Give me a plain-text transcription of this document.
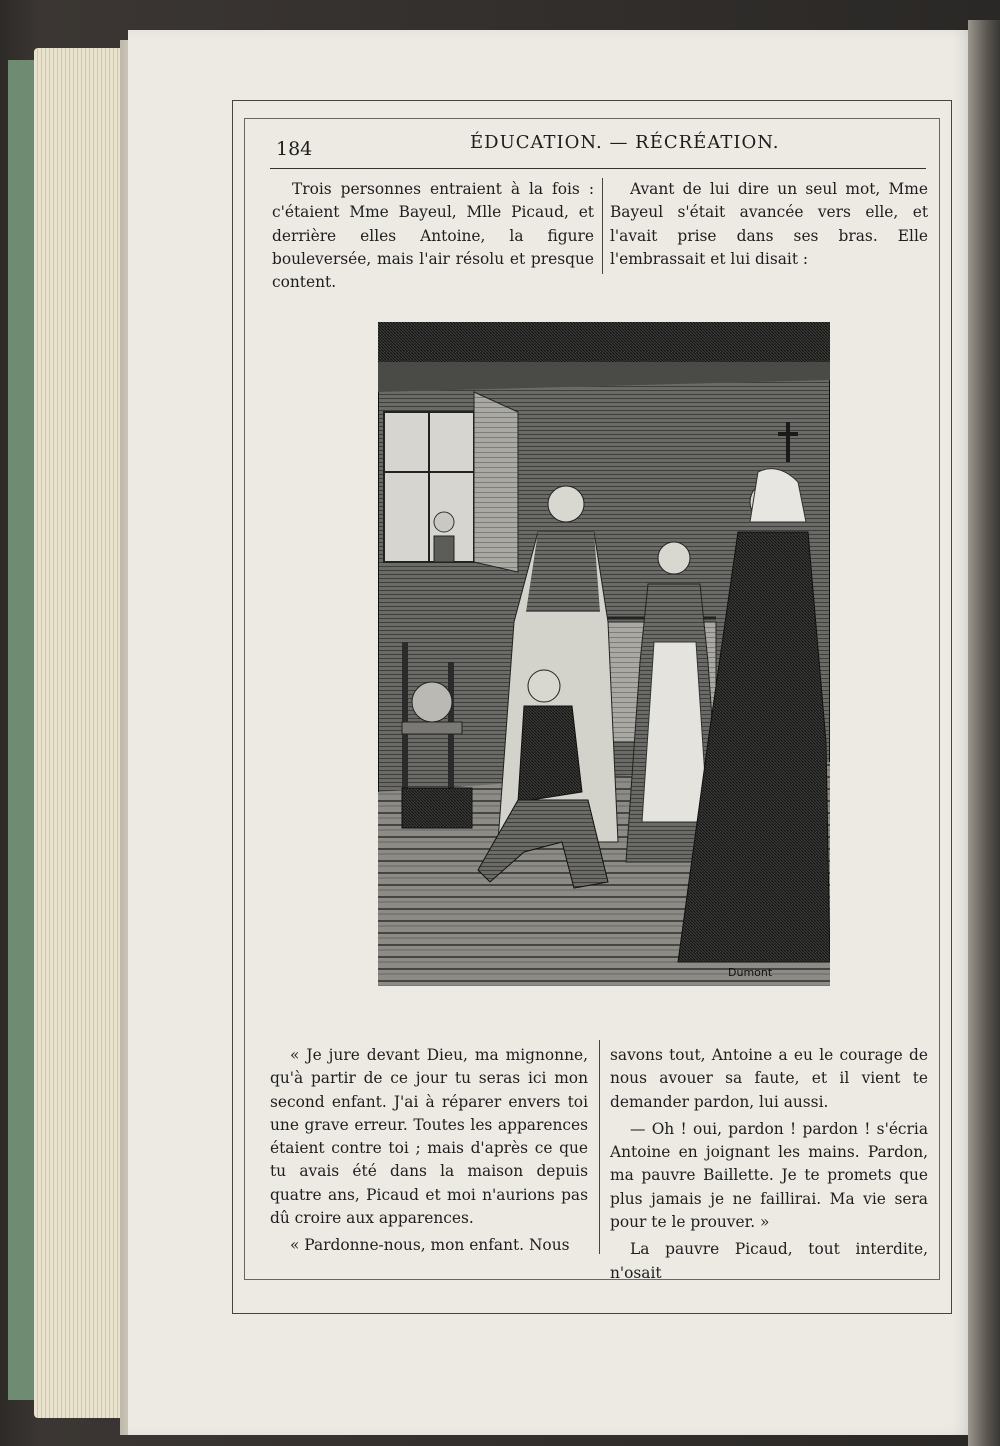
184	ÉDUCATION. — RÉCRÉATION.

Trois personnes entraient à la fois : c'étaient Mme Bayeul, Mlle Picaud, et derrière elles Antoine, la figure bouleversée, mais l'air résolu et presque content.

Avant de lui dire un seul mot, Mme Bayeul s'était avancée vers elle, et l'avait prise dans ses bras. Elle l'embrassait et lui disait :

Dumont

« Je jure devant Dieu, ma mignonne, qu'à partir de ce jour tu seras ici mon second enfant. J'ai à réparer envers toi une grave erreur. Toutes les apparences étaient contre toi ; mais d'après ce que tu avais été dans la maison depuis quatre ans, Picaud et moi n'aurions pas dû croire aux apparences.

« Pardonne-nous, mon enfant. Nous

savons tout, Antoine a eu le courage de nous avouer sa faute, et il vient te demander pardon, lui aussi.

— Oh ! oui, pardon ! pardon ! s'écria Antoine en joignant les mains. Pardon, ma pauvre Baillette. Je te promets que plus jamais je ne faillirai. Ma vie sera pour te le prouver. »

La pauvre Picaud, tout interdite, n'osait
